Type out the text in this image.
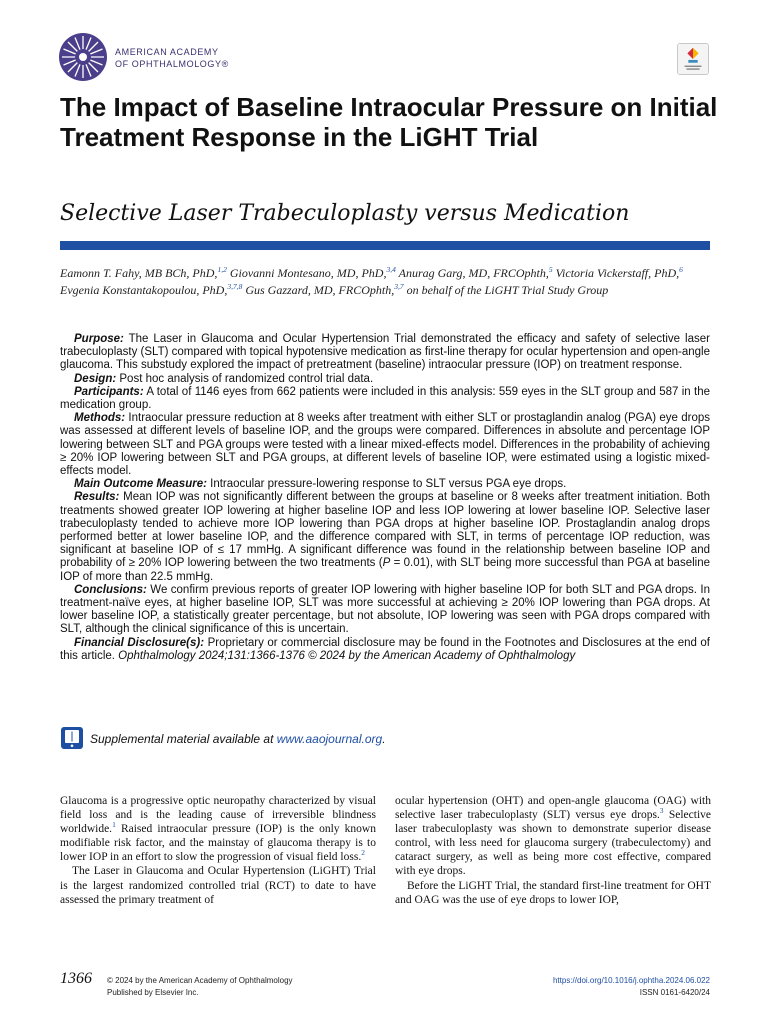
AMERICAN ACADEMY
OF OPHTHALMOLOGY®
The Impact of Baseline Intraocular Pressure on Initial Treatment Response in the LiGHT Trial
Selective Laser Trabeculoplasty versus Medication
Eamonn T. Fahy, MB BCh, PhD,$^{1,2}$ Giovanni Montesano, MD, PhD,$^{3,4}$ Anurag Garg, MD, FRCOphth,$^5$ Victoria Vickerstaff, PhD,$^6$ Evgenia Konstantakopoulou, PhD,$^{3,7,8}$ Gus Gazzard, MD, FRCOphth,$^{3,7}$ on behalf of the LiGHT Trial Study Group

Purpose: The Laser in Glaucoma and Ocular Hypertension Trial demonstrated the efficacy and safety of selective laser trabeculoplasty (SLT) compared with topical hypotensive medication as first-line therapy for ocular hypertension and open-angle glaucoma. This substudy explored the impact of pretreatment (baseline) intraocular pressure (IOP) on treatment response.

Design: Post hoc analysis of randomized control trial data.

Participants: A total of 1146 eyes from 662 patients were included in this analysis: 559 eyes in the SLT group and 587 in the medication group.

Methods: Intraocular pressure reduction at 8 weeks after treatment with either SLT or prostaglandin analog (PGA) eye drops was assessed at different levels of baseline IOP, and the groups were compared. Differences in absolute and percentage IOP lowering between SLT and PGA groups were tested with a linear mixed-effects model. Differences in the probability of achieving ≥ 20% IOP lowering between SLT and PGA groups, at different levels of baseline IOP, were estimated using a logistic mixed-effects model.

Main Outcome Measure: Intraocular pressure-lowering response to SLT versus PGA eye drops.

Results: Mean IOP was not significantly different between the groups at baseline or 8 weeks after treatment initiation. Both treatments showed greater IOP lowering at higher baseline IOP and less IOP lowering at lower baseline IOP. Selective laser trabeculoplasty tended to achieve more IOP lowering than PGA drops at higher baseline IOP. Prostaglandin analog drops performed better at lower baseline IOP, and the difference compared with SLT, in terms of percentage IOP reduction, was significant at baseline IOP of ≤ 17 mmHg. A significant difference was found in the relationship between baseline IOP and probability of ≥ 20% IOP lowering between the two treatments (P = 0.01), with SLT being more successful than PGA at baseline IOP of more than 22.5 mmHg.

Conclusions: We confirm previous reports of greater IOP lowering with higher baseline IOP for both SLT and PGA drops. In treatment-naïve eyes, at higher baseline IOP, SLT was more successful at achieving ≥ 20% IOP lowering than PGA drops. At lower baseline IOP, a statistically greater percentage, but not absolute, IOP lowering was seen with PGA drops compared with SLT, although the clinical significance of this is uncertain.

Financial Disclosure(s): Proprietary or commercial disclosure may be found in the Footnotes and Disclosures at the end of this article. Ophthalmology 2024;131:1366-1376 © 2024 by the American Academy of Ophthalmology

Supplemental material available at www.aaojournal.org.

Glaucoma is a progressive optic neuropathy characterized by visual field loss and is the leading cause of irreversible blindness worldwide.$^1$ Raised intraocular pressure (IOP) is the only known modifiable risk factor, and the mainstay of glaucoma therapy is to lower IOP in an effort to slow the progression of visual field loss.$^2$

The Laser in Glaucoma and Ocular Hypertension (LiGHT) Trial is the largest randomized controlled trial (RCT) to date to have assessed the primary treatment of

ocular hypertension (OHT) and open-angle glaucoma (OAG) with selective laser trabeculoplasty (SLT) versus eye drops.$^3$ Selective laser trabeculoplasty was shown to demonstrate superior disease control, with less need for glaucoma surgery (trabeculectomy) and cataract surgery, as well as being more cost effective, compared with eye drops.

Before the LiGHT Trial, the standard first-line treatment for OHT and OAG was the use of eye drops to lower IOP,

1366 © 2024 by the American Academy of Ophthalmology
Published by Elsevier Inc.
https://doi.org/10.1016/j.ophtha.2024.06.022
ISSN 0161-6420/24
